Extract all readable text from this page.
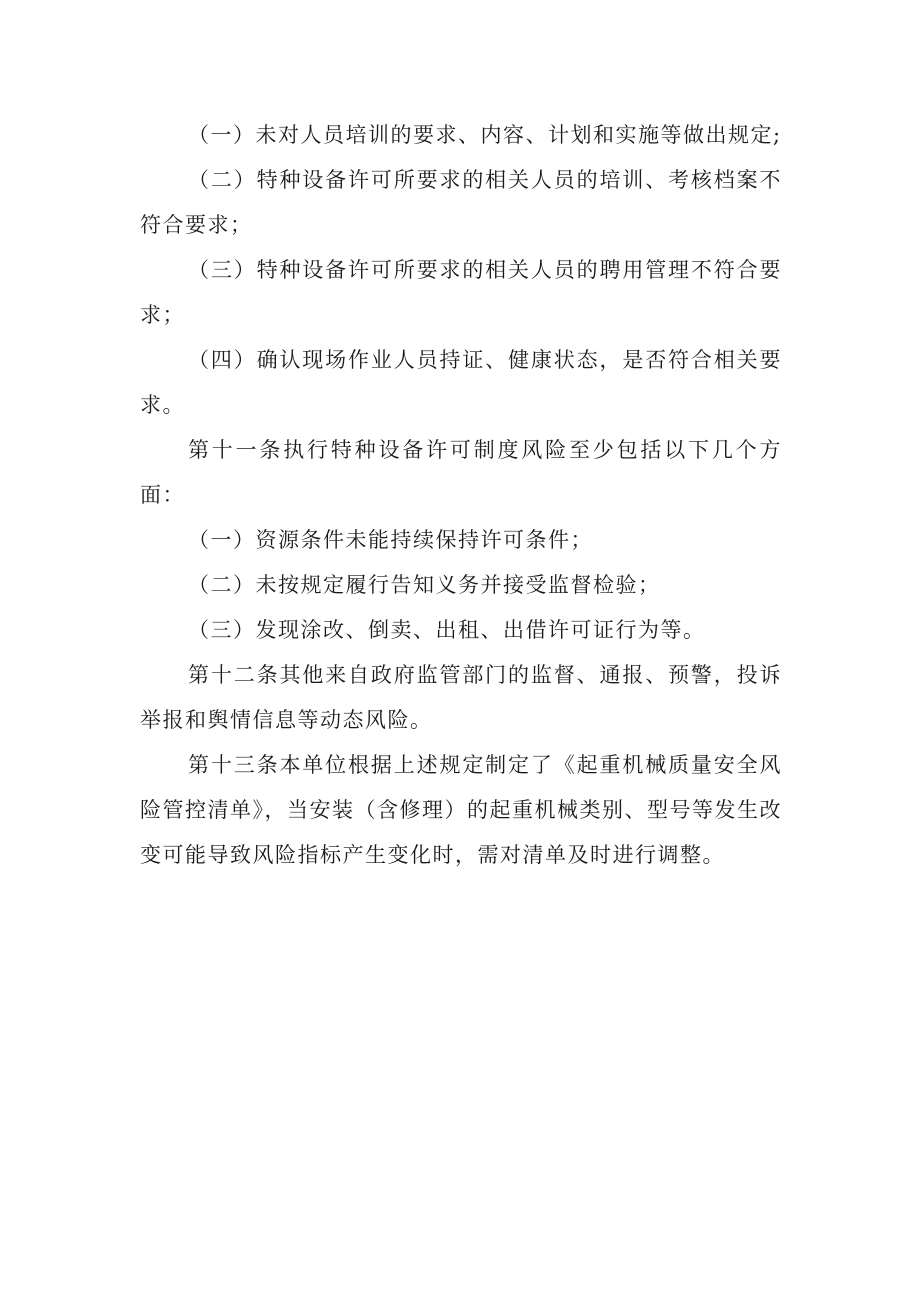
（一）未对人员培训的要求、内容、计划和实施等做出规定;

（二）特种设备许可所要求的相关人员的培训、考核档案不符合要求；

（三）特种设备许可所要求的相关人员的聘用管理不符合要求；

（四）确认现场作业人员持证、健康状态，是否符合相关要求。

第十一条执行特种设备许可制度风险至少包括以下几个方面：

（一）资源条件未能持续保持许可条件；

（二）未按规定履行告知义务并接受监督检验；

（三）发现涂改、倒卖、出租、出借许可证行为等。

第十二条其他来自政府监管部门的监督、通报、预警，投诉举报和舆情信息等动态风险。

第十三条本单位根据上述规定制定了《起重机械质量安全风险管控清单》，当安装（含修理）的起重机械类别、型号等发生改变可能导致风险指标产生变化时，需对清单及时进行调整。
